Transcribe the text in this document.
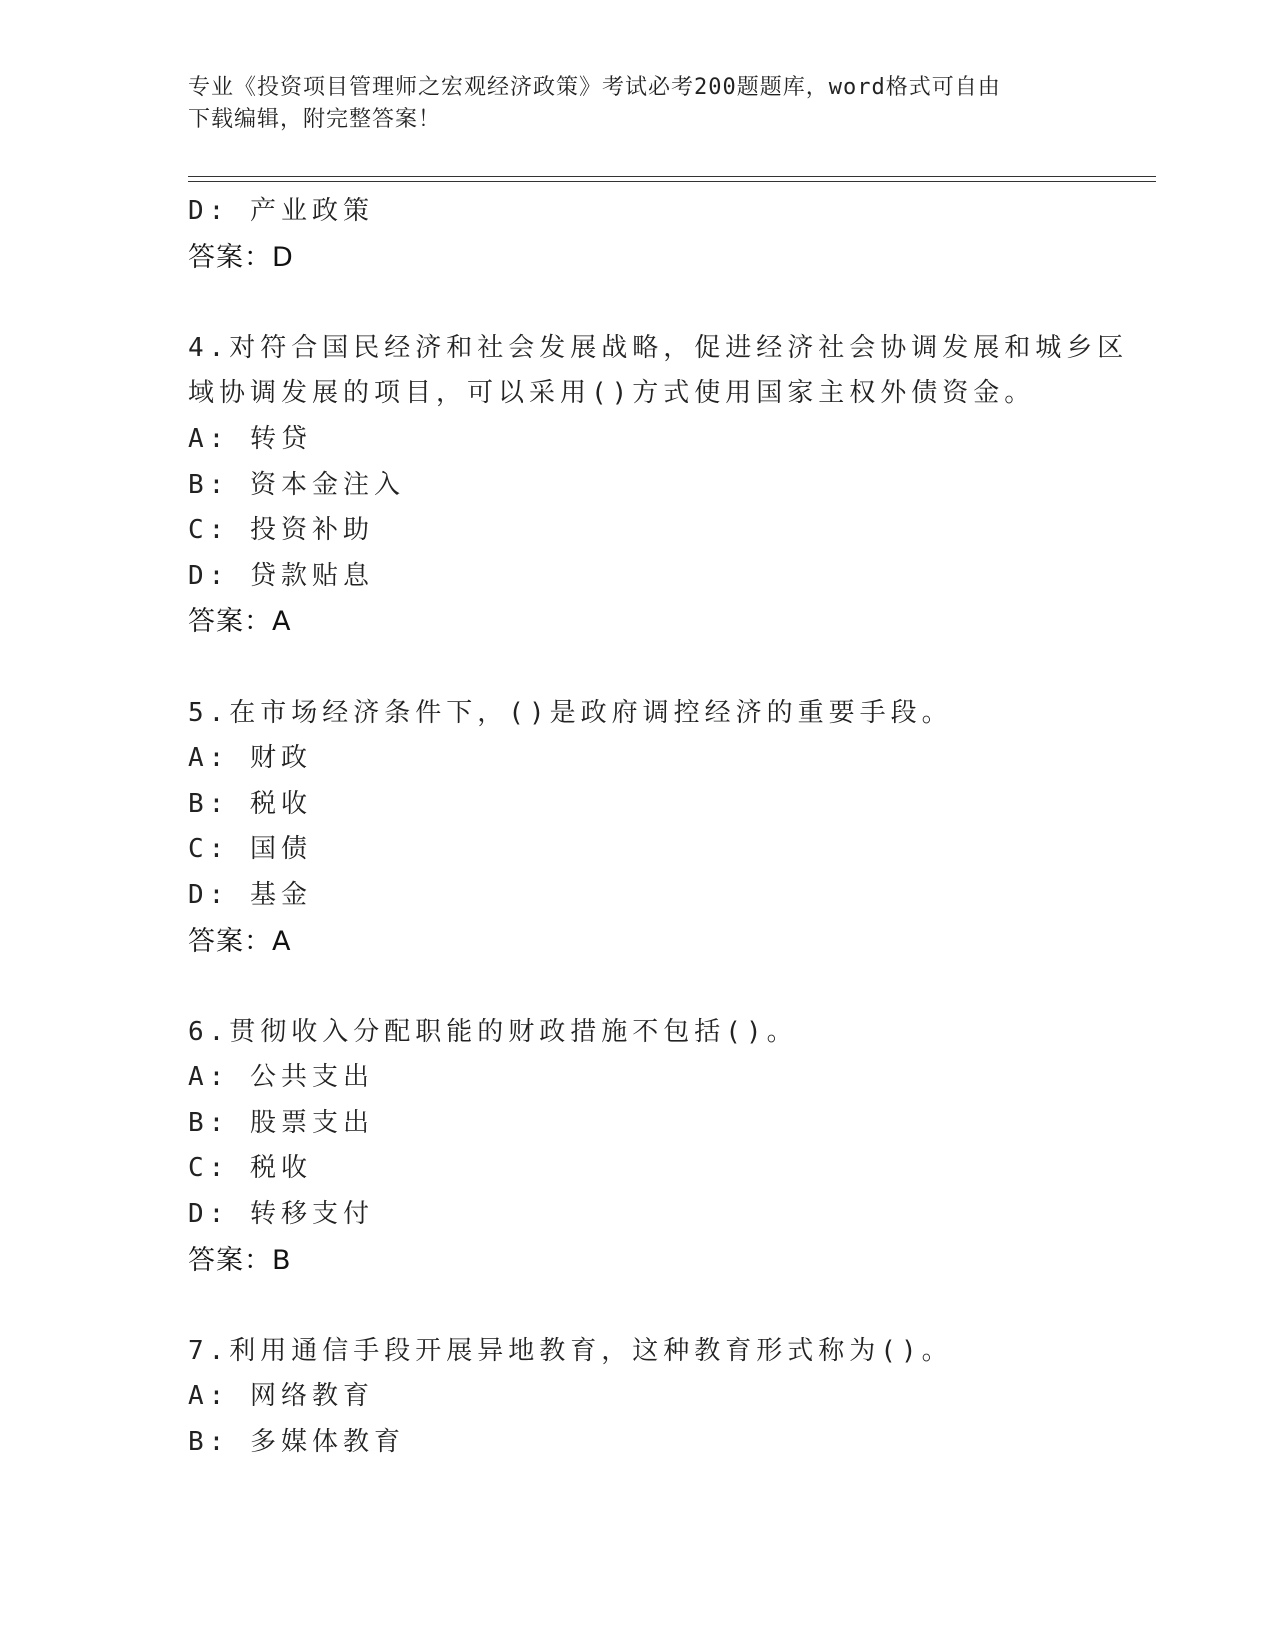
专业《投资项目管理师之宏观经济政策》考试必考200题题库，word格式可自由
下载编辑，附完整答案！
D: 产业政策
答案：D
4.对符合国民经济和社会发展战略，促进经济社会协调发展和城乡区
域协调发展的项目，可以采用()方式使用国家主权外债资金。
A: 转贷
B: 资本金注入
C: 投资补助
D: 贷款贴息
答案：A
5.在市场经济条件下，()是政府调控经济的重要手段。
A: 财政
B: 税收
C: 国债
D: 基金
答案：A
6.贯彻收入分配职能的财政措施不包括()。
A: 公共支出
B: 股票支出
C: 税收
D: 转移支付
答案：B
7.利用通信手段开展异地教育，这种教育形式称为()。
A: 网络教育
B: 多媒体教育
